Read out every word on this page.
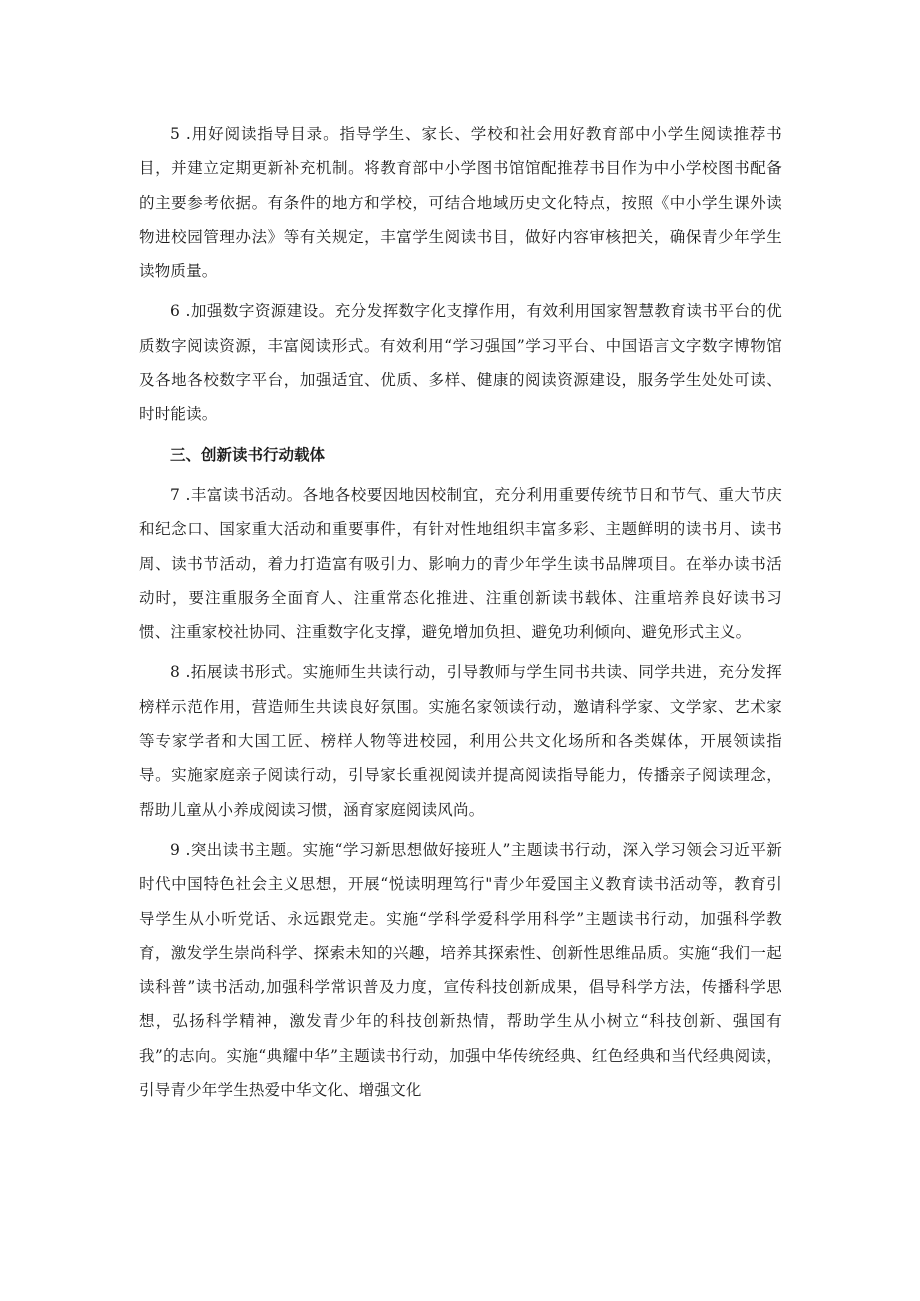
5 .用好阅读指导目录。指导学生、家长、学校和社会用好教育部中小学生阅读推荐书目，并建立定期更新补充机制。将教育部中小学图书馆馆配推荐书目作为中小学校图书配备的主要参考依据。有条件的地方和学校，可结合地域历史文化特点，按照《中小学生课外读物进校园管理办法》等有关规定，丰富学生阅读书目，做好内容审核把关，确保青少年学生读物质量。

6 .加强数字资源建设。充分发挥数字化支撑作用，有效利用国家智慧教育读书平台的优质数字阅读资源，丰富阅读形式。有效利用“学习强国”学习平台、中国语言文字数字博物馆及各地各校数字平台，加强适宜、优质、多样、健康的阅读资源建设，服务学生处处可读、时时能读。

三、创新读书行动载体

7 .丰富读书活动。各地各校要因地因校制宜，充分利用重要传统节日和节气、重大节庆和纪念口、国家重大活动和重要事件，有针对性地组织丰富多彩、主题鲜明的读书月、读书周、读书节活动，着力打造富有吸引力、影响力的青少年学生读书品牌项目。在举办读书活动时，要注重服务全面育人、注重常态化推进、注重创新读书载体、注重培养良好读书习惯、注重家校社协同、注重数字化支撑，避免增加负担、避免功利倾向、避免形式主义。

8 .拓展读书形式。实施师生共读行动，引导教师与学生同书共读、同学共进，充分发挥榜样示范作用，营造师生共读良好氛围。实施名家领读行动，邀请科学家、文学家、艺术家等专家学者和大国工匠、榜样人物等进校园，利用公共文化场所和各类媒体，开展领读指导。实施家庭亲子阅读行动，引导家长重视阅读并提高阅读指导能力，传播亲子阅读理念，帮助儿童从小养成阅读习惯，涵育家庭阅读风尚。

9 .突出读书主题。实施“学习新思想做好接班人”主题读书行动，深入学习领会习近平新时代中国特色社会主义思想，开展“悦读明理笃行"青少年爱国主义教育读书活动等，教育引导学生从小听党话、永远跟党走。实施“学科学爱科学用科学”主题读书行动，加强科学教育，激发学生崇尚科学、探索未知的兴趣，培养其探索性、创新性思维品质。实施“我们一起读科普”读书活动,加强科学常识普及力度，宣传科技创新成果，倡导科学方法，传播科学思想，弘扬科学精神，激发青少年的科技创新热情，帮助学生从小树立“科技创新、强国有我”的志向。实施“典耀中华”主题读书行动，加强中华传统经典、红色经典和当代经典阅读，引导青少年学生热爱中华文化、增强文化
